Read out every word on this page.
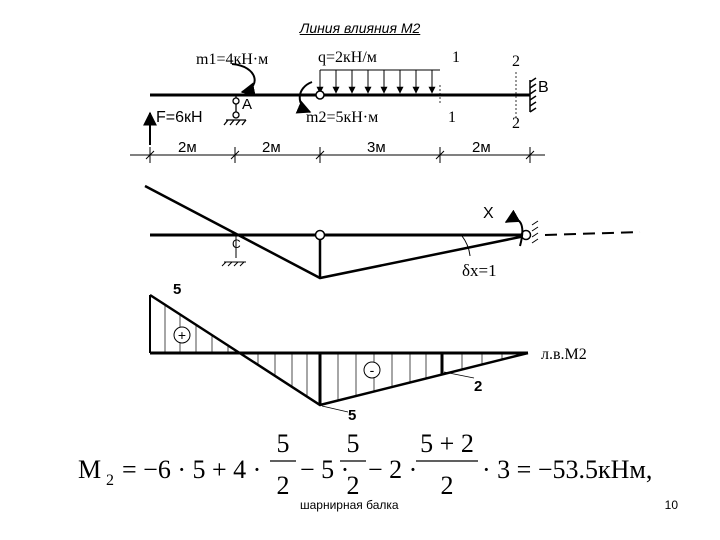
Линия влияния М2
m1=4кН·м	q=2кН/м	1	2
B
A
m2=5кН·м	1	2
F=6кН
2м	2м	3м	2м
C
X
δx=1
+
-
5
5
2
л.в.М2
M 2 = −6 · 5 + 4 ·
5
2
− 5 ·
5
2
− 2 ·
5 + 2
2
· 3 = −53.5кНм,
шарнирная балка	10
